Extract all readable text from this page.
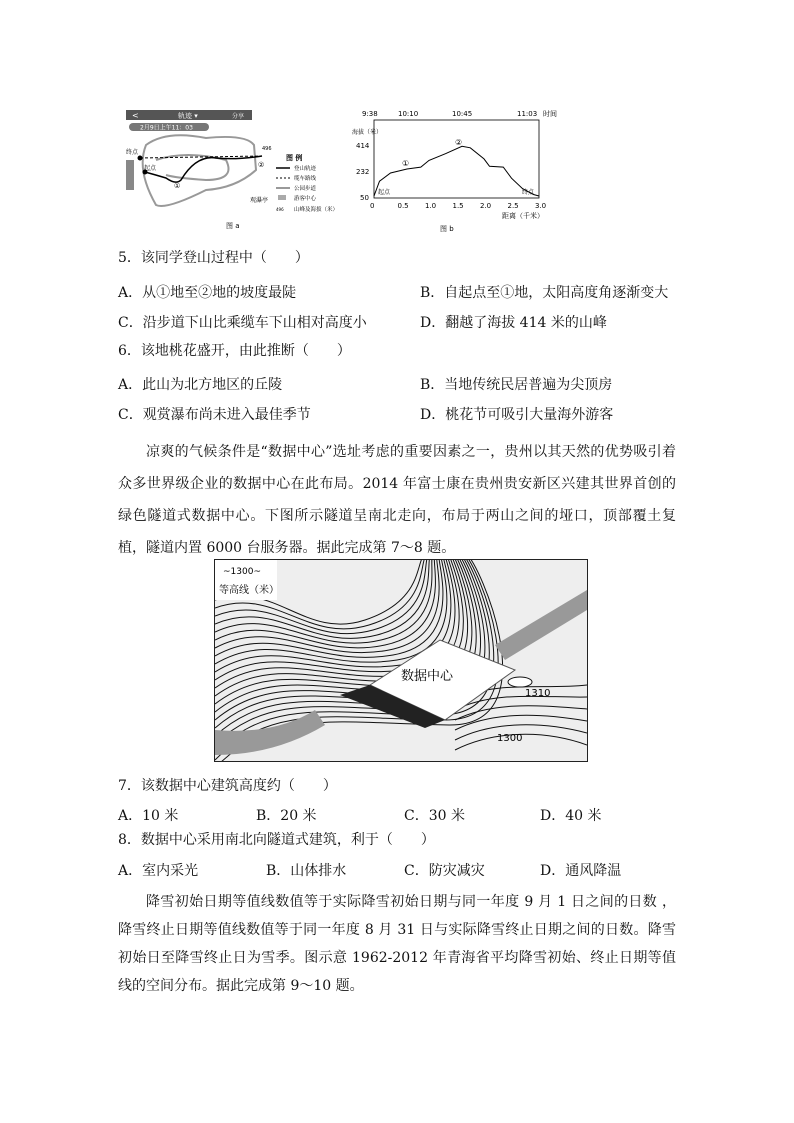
<	轨迹 ▾	分享
2月9日上午11：03
终点
起点
①
②
496
观瀑亭
图 例
登山轨迹
缆车路线
公园步道
游客中心
496 山峰及海拔（米）
图 a
9:38	10:10	10:45	11:03 时间
海拔（米）
414
232
50
0	0.5 1.0 1.5 2.0 2.5 3.0
距离（千米）
起点	终点
①
②
图 b
5．该同学登山过程中（　　）
A．从①地至②地的坡度最陡	B．自起点至①地，太阳高度角逐渐变大
C．沿步道下山比乘缆车下山相对高度小	D．翻越了海拔 414 米的山峰
6．该地桃花盛开，由此推断（　　）
A．此山为北方地区的丘陵	B．当地传统民居普遍为尖顶房
C．观赏瀑布尚未进入最佳季节	D．桃花节可吸引大量海外游客
凉爽的气候条件是“数据中心”选址考虑的重要因素之一，贵州以其天然的优势吸引着众多世界级企业的数据中心在此布局。2014 年富士康在贵州贵安新区兴建其世界首创的绿色隧道式数据中心。下图所示隧道呈南北走向，布局于两山之间的垭口，顶部覆土复植，隧道内置 6000 台服务器。据此完成第 7～8 题。
~1300~
等高线（米）
数据中心
1310
1300
7．该数据中心建筑高度约（　　）
A．10 米	B．20 米	C．30 米	D．40 米
8．数据中心采用南北向隧道式建筑，利于（　　）
A．室内采光	B．山体排水	C．防灾减灾	D．通风降温
降雪初始日期等值线数值等于实际降雪初始日期与同一年度 9 月 1 日之间的日数 ，降雪终止日期等值线数值等于同一年度 8 月 31 日与实际降雪终止日期之间的日数。降雪初始日至降雪终止日为雪季。图示意 1962-2012 年青海省平均降雪初始、终止日期等值线的空间分布。据此完成第 9～10 题。
